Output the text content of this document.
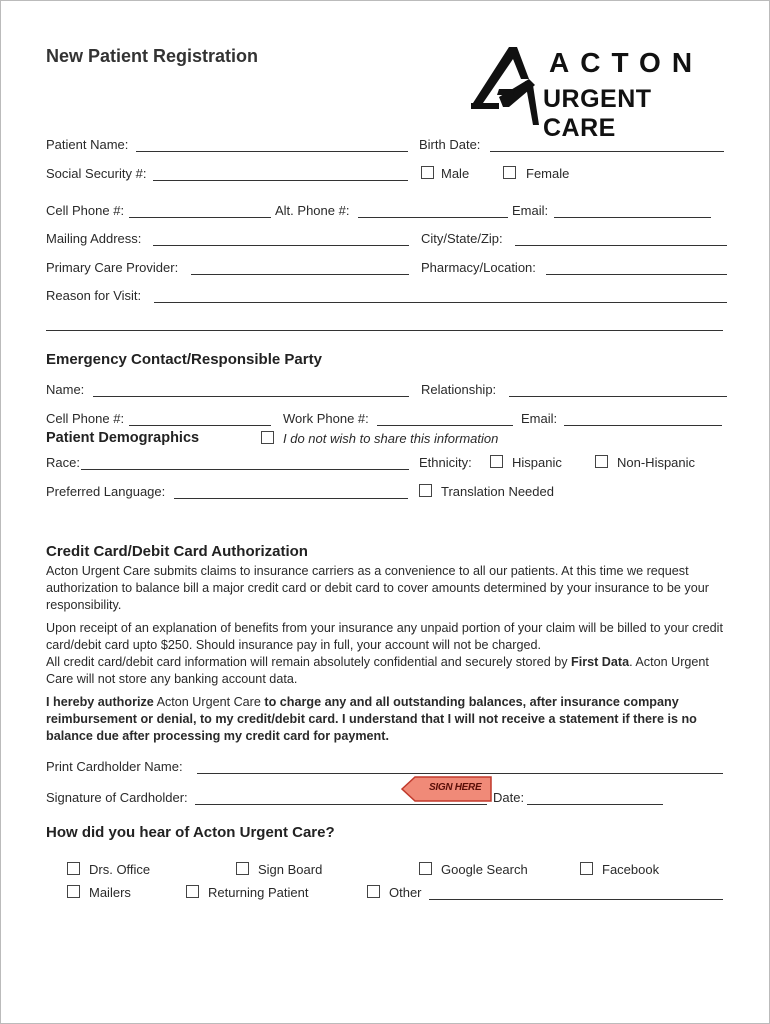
New Patient Registration	ACTON
URGENT CARE
Patient Name:	Birth Date:
Social Security #:	Male	Female
Cell Phone #:	Alt. Phone #:	Email:
Mailing Address:	City/State/Zip:
Primary Care Provider:	Pharmacy/Location:
Reason for Visit:
Emergency Contact/Responsible Party
Name:	Relationship:
Cell Phone #:	Work Phone #:	Email:
Patient Demographics	I do not wish to share this information
Race:	Ethnicity:	Hispanic	Non-Hispanic
Preferred Language:	Translation Needed
Credit Card/Debit Card Authorization
Acton Urgent Care submits claims to insurance carriers as a convenience to all our patients. At this time we request authorization to balance bill a major credit card or debit card to cover amounts determined by your insurance to be your responsibility.
Upon receipt of an explanation of benefits from your insurance any unpaid portion of your claim will be billed to your credit card/debit card upto $250. Should insurance pay in full, your account will not be charged.
All credit card/debit card information will remain absolutely confidential and securely stored by First Data. Acton Urgent Care will not store any banking account data.
I hereby authorize Acton Urgent Care to charge any and all outstanding balances, after insurance company reimbursement or denial, to my credit/debit card. I understand that I will not receive a statement if there is no balance due after processing my credit card for payment.
Print Cardholder Name:
Signature of Cardholder:
SIGN HERE
Date:
How did you hear of Acton Urgent Care?
Drs. Office	Sign Board	Google Search	Facebook
Mailers	Returning Patient	Other
